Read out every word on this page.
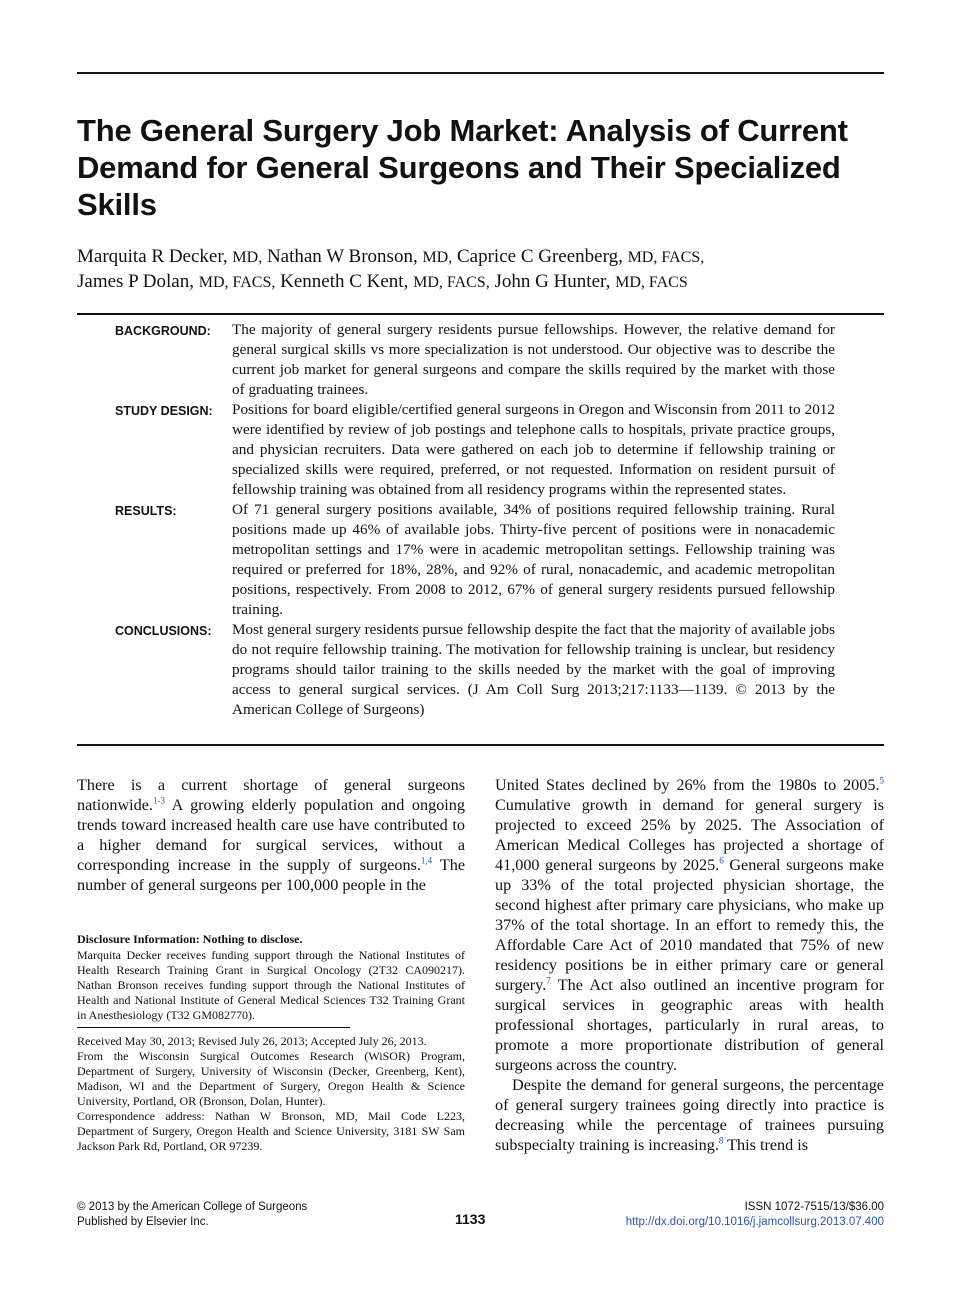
The General Surgery Job Market: Analysis of Current Demand for General Surgeons and Their Specialized Skills
Marquita R Decker, MD, Nathan W Bronson, MD, Caprice C Greenberg, MD, FACS,
James P Dolan, MD, FACS, Kenneth C Kent, MD, FACS, John G Hunter, MD, FACS
BACKGROUND:	The majority of general surgery residents pursue fellowships. However, the relative demand for general surgical skills vs more specialization is not understood. Our objective was to describe the current job market for general surgeons and compare the skills required by the market with those of graduating trainees.
STUDY DESIGN:	Positions for board eligible/certified general surgeons in Oregon and Wisconsin from 2011 to 2012 were identified by review of job postings and telephone calls to hospitals, private practice groups, and physician recruiters. Data were gathered on each job to determine if fellowship training or specialized skills were required, preferred, or not requested. Information on resident pursuit of fellowship training was obtained from all residency programs within the represented states.
RESULTS:	Of 71 general surgery positions available, 34% of positions required fellowship training. Rural positions made up 46% of available jobs. Thirty-five percent of positions were in nonacademic metropolitan settings and 17% were in academic metropolitan settings. Fellowship training was required or preferred for 18%, 28%, and 92% of rural, nonacademic, and academic metropolitan positions, respectively. From 2008 to 2012, 67% of general surgery residents pursued fellowship training.
CONCLUSIONS:	Most general surgery residents pursue fellowship despite the fact that the majority of available jobs do not require fellowship training. The motivation for fellowship training is unclear, but residency programs should tailor training to the skills needed by the market with the goal of improving access to general surgical services. (J Am Coll Surg 2013;217:1133—1139. © 2013 by the American College of Surgeons)

There is a current shortage of general surgeons nationwide.$^{1-3}$ A growing elderly population and ongoing trends toward increased health care use have contributed to a higher demand for surgical services, without a corresponding increase in the supply of surgeons.$^{1,4}$ The number of general surgeons per 100,000 people in the

Disclosure Information: Nothing to disclose.

Marquita Decker receives funding support through the National Institutes of Health Research Training Grant in Surgical Oncology (2T32 CA090217). Nathan Bronson receives funding support through the National Institutes of Health and National Institute of General Medical Sciences T32 Training Grant in Anesthesiology (T32 GM082770).

Received May 30, 2013; Revised July 26, 2013; Accepted July 26, 2013.

From the Wisconsin Surgical Outcomes Research (WiSOR) Program, Department of Surgery, University of Wisconsin (Decker, Greenberg, Kent), Madison, WI and the Department of Surgery, Oregon Health & Science University, Portland, OR (Bronson, Dolan, Hunter).

Correspondence address: Nathan W Bronson, MD, Mail Code L223, Department of Surgery, Oregon Health and Science University, 3181 SW Sam Jackson Park Rd, Portland, OR 97239.

United States declined by 26% from the 1980s to 2005.$^5$ Cumulative growth in demand for general surgery is projected to exceed 25% by 2025. The Association of American Medical Colleges has projected a shortage of 41,000 general surgeons by 2025.$^6$ General surgeons make up 33% of the total projected physician shortage, the second highest after primary care physicians, who make up 37% of the total shortage. In an effort to remedy this, the Affordable Care Act of 2010 mandated that 75% of new residency positions be in either primary care or general surgery.$^7$ The Act also outlined an incentive program for surgical services in geographic areas with health professional shortages, particularly in rural areas, to promote a more proportionate distribution of general surgeons across the country.

Despite the demand for general surgeons, the percentage of general surgery trainees going directly into practice is decreasing while the percentage of trainees pursuing subspecialty training is increasing.$^8$ This trend is

© 2013 by the American College of Surgeons
Published by Elsevier Inc.	1133
ISSN 1072-7515/13/$36.00
http://dx.doi.org/10.1016/j.jamcollsurg.2013.07.400
